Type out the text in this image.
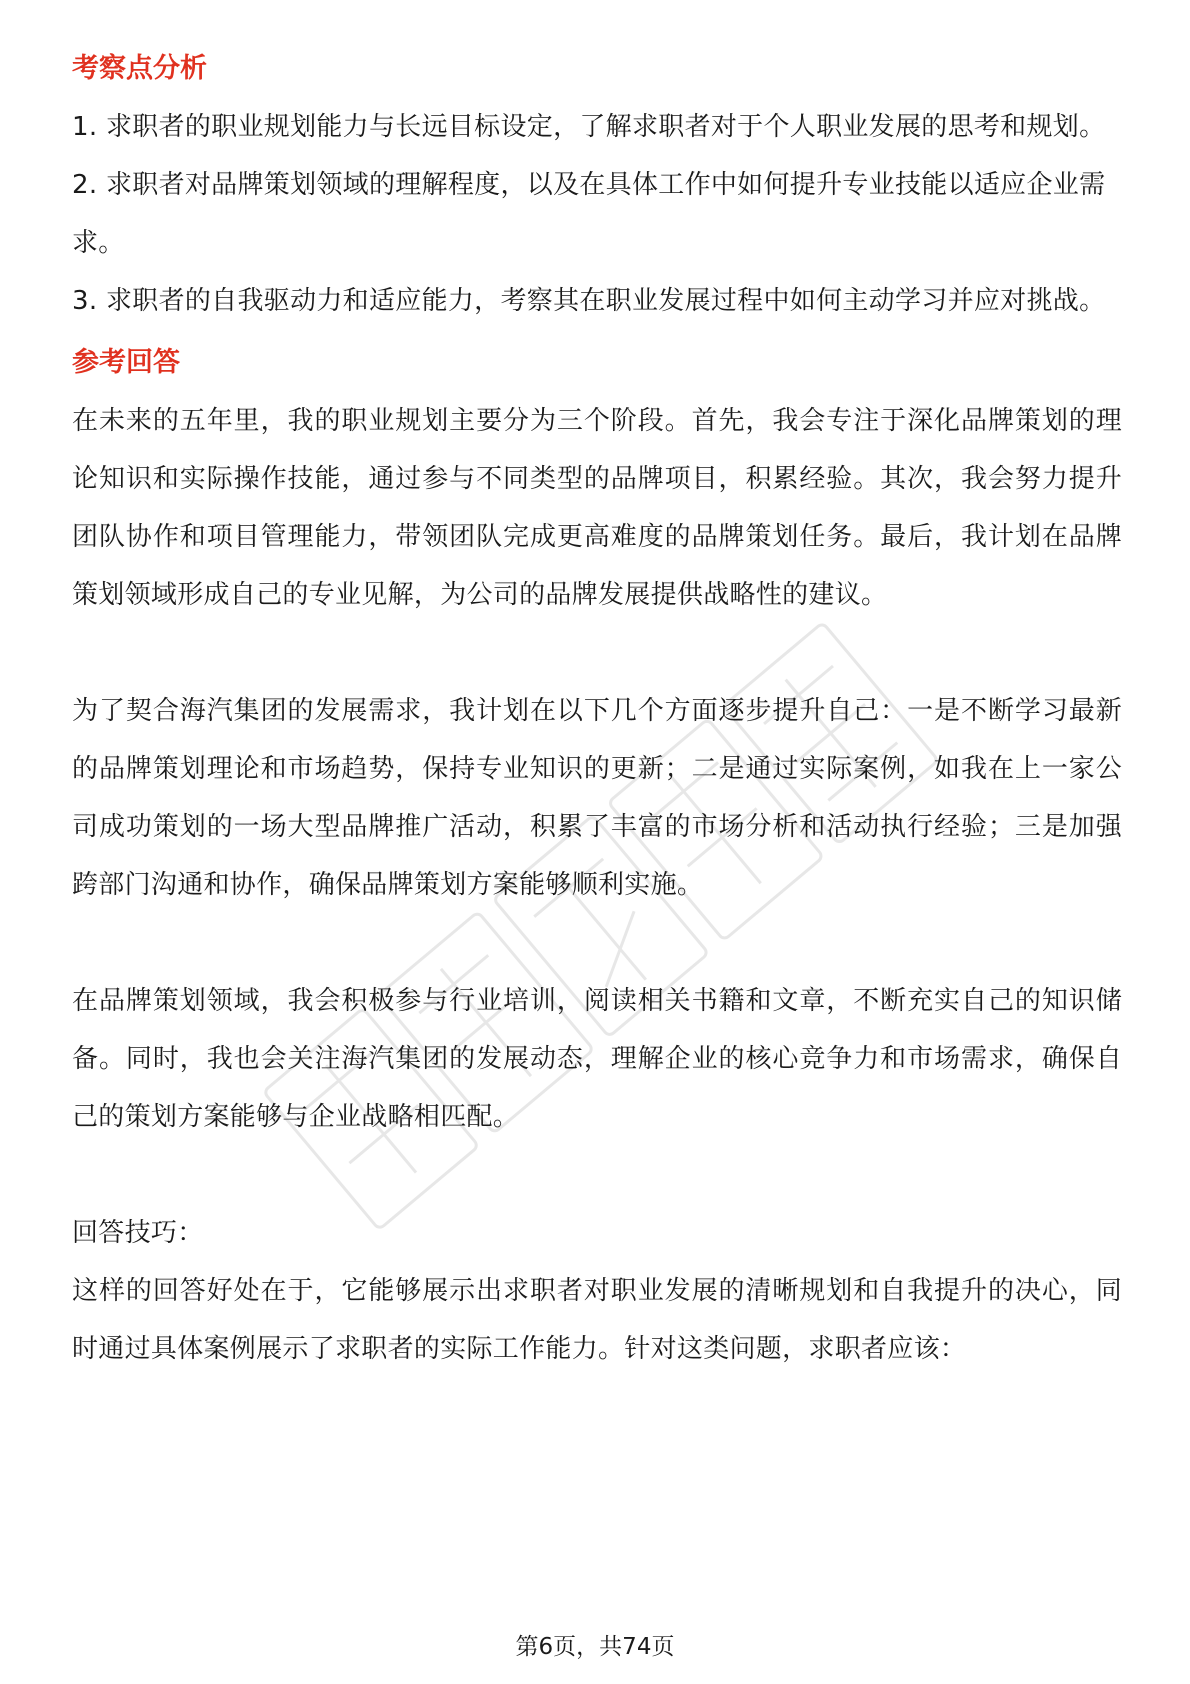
考察点分析

1. 求职者的职业规划能力与长远目标设定，了解求职者对于个人职业发展的思考和规划。

2. 求职者对品牌策划领域的理解程度，以及在具体工作中如何提升专业技能以适应企业需求。

3. 求职者的自我驱动力和适应能力，考察其在职业发展过程中如何主动学习并应对挑战。

参考回答

在未来的五年里，我的职业规划主要分为三个阶段。首先，我会专注于深化品牌策划的理论知识和实际操作技能，通过参与不同类型的品牌项目，积累经验。其次，我会努力提升团队协作和项目管理能力，带领团队完成更高难度的品牌策划任务。最后，我计划在品牌策划领域形成自己的专业见解，为公司的品牌发展提供战略性的建议。

为了契合海汽集团的发展需求，我计划在以下几个方面逐步提升自己：一是不断学习最新的品牌策划理论和市场趋势，保持专业知识的更新；二是通过实际案例，如我在上一家公司成功策划的一场大型品牌推广活动，积累了丰富的市场分析和活动执行经验；三是加强跨部门沟通和协作，确保品牌策划方案能够顺利实施。

在品牌策划领域，我会积极参与行业培训，阅读相关书籍和文章，不断充实自己的知识储备。同时，我也会关注海汽集团的发展动态，理解企业的核心竞争力和市场需求，确保自己的策划方案能够与企业战略相匹配。

回答技巧：

这样的回答好处在于，它能够展示出求职者对职业发展的清晰规划和自我提升的决心，同时通过具体案例展示了求职者的实际工作能力。针对这类问题，求职者应该：

第6页，共74页
